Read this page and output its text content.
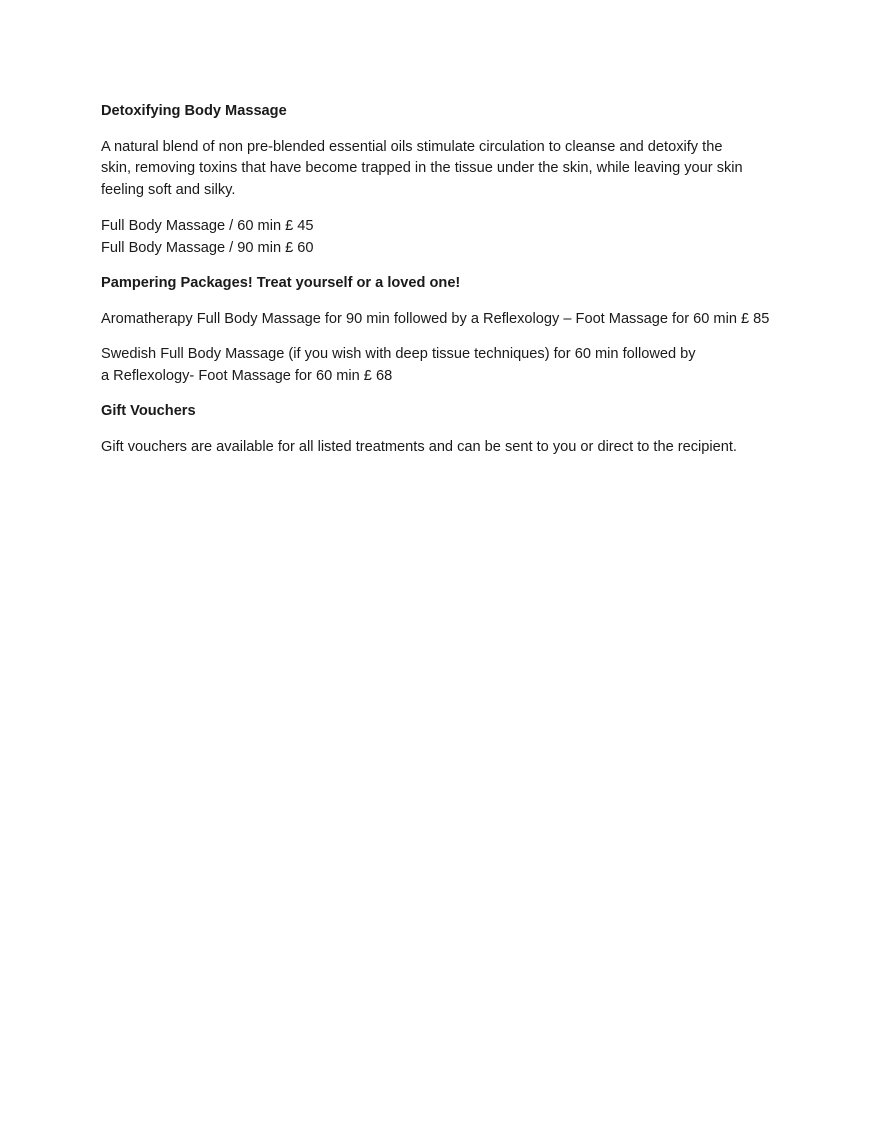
Detoxifying Body Massage

A natural blend of non pre-blended essential oils stimulate circulation to cleanse and detoxify the skin, removing toxins that have become trapped in the tissue under the skin, while leaving your skin feeling soft and silky.

Full Body Massage / 60 min £ 45

Full Body Massage / 90 min £ 60

Pampering Packages! Treat yourself or a loved one!

Aromatherapy Full Body Massage for 90 min followed by a Reflexology – Foot Massage for 60 min £ 85

Swedish Full Body Massage (if you wish with deep tissue techniques) for 60 min followed by a Reflexology- Foot Massage for 60 min £ 68

Gift Vouchers

Gift vouchers are available for all listed treatments and can be sent to you or direct to the recipient.
